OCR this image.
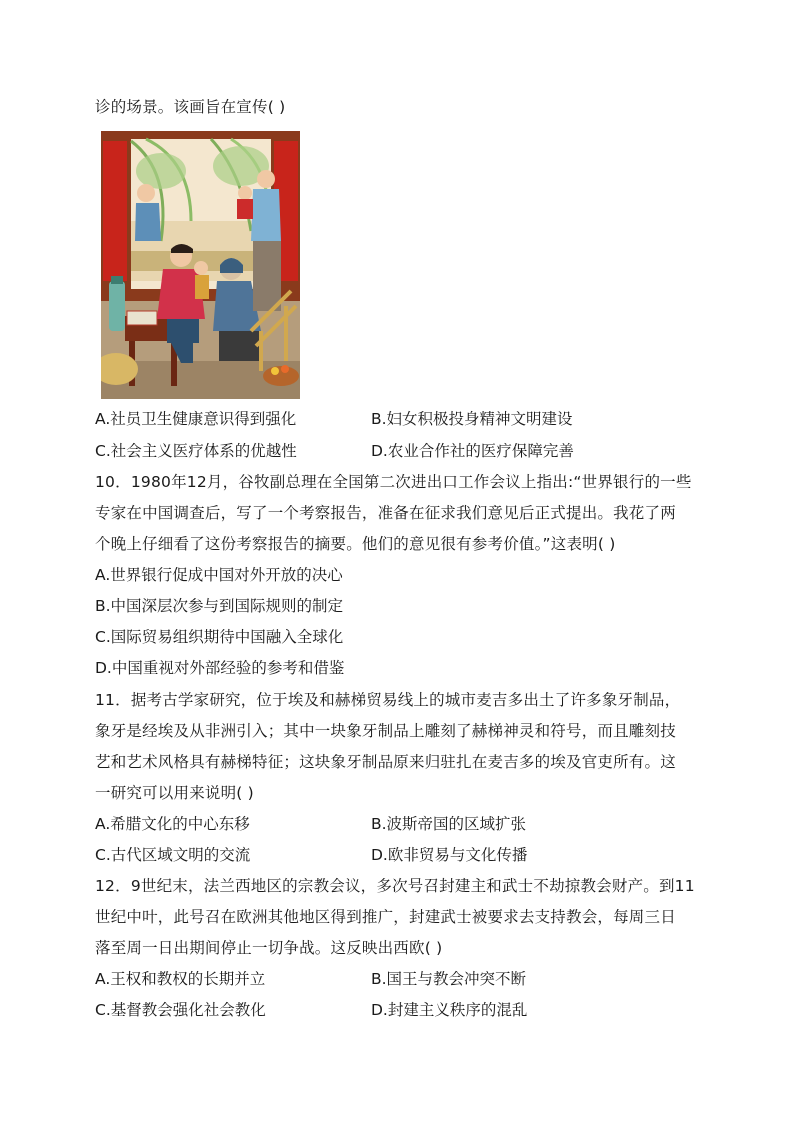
诊的场景。该画旨在宣传( )
A.社员卫生健康意识得到强化	B.妇女积极投身精神文明建设
C.社会主义医疗体系的优越性	D.农业合作社的医疗保障完善
10．1980年12月，谷牧副总理在全国第二次进出口工作会议上指出:“世界银行的一些
专家在中国调查后，写了一个考察报告，准备在征求我们意见后正式提出。我花了两
个晚上仔细看了这份考察报告的摘要。他们的意见很有参考价值。”这表明( )
A.世界银行促成中国对外开放的决心
B.中国深层次参与到国际规则的制定
C.国际贸易组织期待中国融入全球化
D.中国重视对外部经验的参考和借鉴
11．据考古学家研究，位于埃及和赫梯贸易线上的城市麦吉多出土了许多象牙制品，
象牙是经埃及从非洲引入；其中一块象牙制品上雕刻了赫梯神灵和符号，而且雕刻技
艺和艺术风格具有赫梯特征；这块象牙制品原来归驻扎在麦吉多的埃及官吏所有。这
一研究可以用来说明( )
A.希腊文化的中心东移	B.波斯帝国的区域扩张
C.古代区域文明的交流	D.欧非贸易与文化传播
12．9世纪末，法兰西地区的宗教会议，多次号召封建主和武士不劫掠教会财产。到11
世纪中叶，此号召在欧洲其他地区得到推广，封建武士被要求去支持教会，每周三日
落至周一日出期间停止一切争战。这反映出西欧( )
A.王权和教权的长期并立	B.国王与教会冲突不断
C.基督教会强化社会教化	D.封建主义秩序的混乱
